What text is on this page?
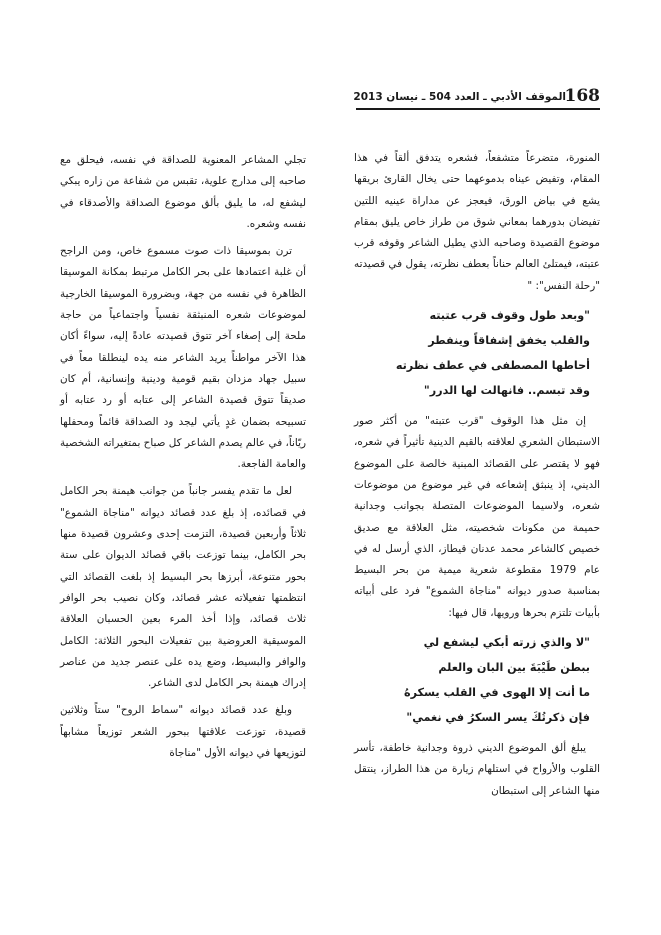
168
الموقف الأدبي ـ العدد 504 ـ نيسان 2013

المنورة، متضرعاً متشفعاً، فشعره يتدفق ألقاً في هذا المقام، وتفيض عيناه بدموعهما حتى يخال القارئ بريقها يشع في بياض الورق، فيعجز عن مداراة عينيه اللتين تفيضان بدورهما بمعاني شوق من طراز خاص يليق بمقام موضوع القصيدة وصاحبه الذي يطيل الشاعر وقوفه قرب عتبته، فيمتلئ العالم حناناً بعطف نظرته، يقول في قصيدته "رحلة النفس": "

"وبعد طول وقوف قرب عتبته
والقلب يخفق إشفاقاً وينفطر
أحاطها المصطفى في عطف نظرته
وقد تبسم.. فانهالت لها الدرر"

إن مثل هذا الوقوف "قرب عتبته" من أكثر صور الاستبطان الشعري لعلاقته بالقيم الدينية تأثيراً في شعره، فهو لا يقتصر على القصائد المبنية خالصة على الموضوع الديني، إذ ينبثق إشعاعه في غير موضوع من موضوعات شعره، ولاسيما الموضوعات المتصلة بجوانب وجدانية حميمة من مكونات شخصيته، مثل العلاقة مع صديق خصيص كالشاعر محمد عدنان قيطاز، الذي أرسل له في عام 1979 مقطوعة شعرية ميمية من بحر البسيط بمناسبة صدور ديوانه "مناجاة الشموع" فرد على أبياته بأبيات تلتزم بحرها ورويها، قال فيها:

"لا والذي زرته أبكي ليشفع لي
ببطن طَيْبَةَ بين البان والعلم
ما أنت إلا الهوى في القلب يسكرهُ
فإن ذكرتُكَ يسر السكرُ في نغمي"

يبلغ ألق الموضوع الديني ذروة وجدانية خاطفة، تأسر القلوب والأرواح في استلهام زيارة من هذا الطراز، ينتقل منها الشاعر إلى استبطان

تجلي المشاعر المعنوية للصداقة في نفسه، فيحلق مع صاحبه إلى مدارج علوية، تقبس من شفاعة من زاره يبكي ليشفع له، ما يليق بألق موضوع الصداقة والأصدقاء في نفسه وشعره.

ترن بموسيقا ذات صوت مسموع خاص، ومن الراجح أن غلبة اعتمادها على بحر الكامل مرتبط بمكانة الموسيقا الظاهرة في نفسه من جهة، وبضرورة الموسيقا الخارجية لموضوعات شعره المنبثقة نفسياً واجتماعياً من حاجة ملحة إلى إصغاء آخر تتوق قصيدته عادةً إليه، سواءً أكان هذا الآخر مواطناً يريد الشاعر منه يده لينطلقا معاً في سبيل جهاد مزدان بقيم قومية ودينية وإنسانية، أم كان صديقاً تتوق قصيدة الشاعر إلى عتابه أو رد عتابه أو تسبيحه بضمان غدٍ يأتي ليجد ود الصداقة قائماً ومحفلها ريّاناً، في عالم يصدم الشاعر كل صباح بمتغيراته الشخصية والعامة الفاجعة.

لعل ما تقدم يفسر جانباً من جوانب هيمنة بحر الكامل في قصائده، إذ بلغ عدد قصائد ديوانه "مناجاة الشموع" ثلاثاً وأربعين قصيدة، التزمت إحدى وعشرون قصيدة منها بحر الكامل، بينما توزعت باقي قصائد الديوان على ستة بحور متنوعة، أبرزها بحر البسيط إذ بلغت القصائد التي انتظمتها تفعيلاته عشر قصائد، وكان نصيب بحر الوافر ثلاث قصائد، وإذا أخذ المرء بعين الحسبان العلاقة الموسيقية العروضية بين تفعيلات البحور الثلاثة: الكامل والوافر والبسيط، وضع يده على عنصر جديد من عناصر إدراك هيمنة بحر الكامل لدى الشاعر.

وبلغ عدد قصائد ديوانه "سماط الروح" ستاً وثلاثين قصيدة، توزعت علاقتها ببحور الشعر توزيعاً مشابهاً لتوزيعها في ديوانه الأول "مناجاة
